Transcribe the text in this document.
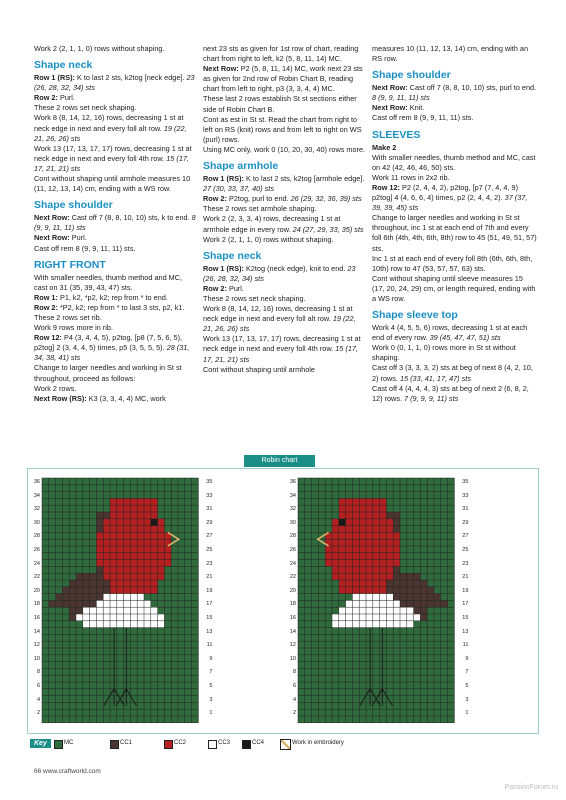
Work 2 (2, 1, 1, 0) rows without shaping.

Shape neck

Row 1 (RS): K to last 2 sts, k2tog [neck edge]. 23 (26, 28, 32, 34) sts

Row 2: Purl.

These 2 rows set neck shaping.

Work 8 (8, 14, 12, 16) rows, decreasing 1 st at neck edge in next and every foll alt row. 19 (22, 21, 26, 26) sts

Work 13 (17, 13, 17, 17) rows, decreasing 1 st at neck edge in next and every foll 4th row. 15 (17, 17, 21, 21) sts

Cont without shaping until armhole measures 10 (11, 12, 13, 14) cm, ending with a WS row.

Shape shoulder

Next Row: Cast off 7 (8, 8, 10, 10) sts, k to end. 8 (9, 9, 11, 11) sts

Next Row: Purl.

Cast off rem 8 (9, 9, 11, 11) sts.

RIGHT FRONT

With smaller needles, thumb method and MC, cast on 31 (35, 39, 43, 47) sts.

Row 1: P1, k2, *p2, k2; rep from * to end.

Row 2: *P2, k2; rep from * to last 3 sts, p2, k1.

These 2 rows set rib.

Work 9 rows more in rib.

Row 12: P4 (3, 4, 4, 5), p2tog, [p8 (7, 5, 6, 5), p2tog] 2 (3, 4, 4, 5) times, p5 (3, 5, 5, 5). 28 (31, 34, 38, 41) sts

Change to larger needles and working in St st throughout, proceed as follows:

Work 2 rows.

Next Row (RS): K3 (3, 3, 4, 4) MC, work

next 23 sts as given for 1st row of chart, reading chart from right to left, k2 (5, 8, 11, 14) MC.

Next Row: P2 (5, 8, 11, 14) MC, work next 23 sts as given for 2nd row of Robin Chart B, reading chart from left to right, p3 (3, 3, 4, 4) MC.

These last 2 rows establish St st sections either side of Robin Chart B.

Cont as est in St st. Read the chart from right to left on RS (knit) rows and from left to right on WS (purl) rows.

Using MC only, work 0 (10, 20, 30, 40) rows more.

Shape armhole

Row 1 (RS): K to last 2 sts, k2tog [armhole edge]. 27 (30, 33, 37, 40) sts

Row 2: P2tog, purl to end. 26 (29, 32, 36, 39) sts

These 2 rows set armhole shaping.

Work 2 (2, 3, 3, 4) rows, decreasing 1 st at armhole edge in every row. 24 (27, 29, 33, 35) sts

Work 2 (2, 1, 1, 0) rows without shaping.

Shape neck

Row 1 (RS): K2tog (neck edge), knit to end. 23 (26, 28, 32, 34) sts

Row 2: Purl.

These 2 rows set neck shaping.

Work 8 (8, 14, 12, 16) rows, decreasing 1 st at neck edge in next and every foll alt row. 19 (22, 21, 26, 26) sts

Work 13 (17, 13, 17, 17) rows, decreasing 1 st at neck edge in next and every foll 4th row. 15 (17, 17, 21, 21) sts

Cont without shaping until armhole

measures 10 (11, 12, 13, 14) cm, ending with an RS row.

Shape shoulder

Next Row: Cast off 7 (8, 8, 10, 10) sts, purl to end. 8 (9, 9, 11, 11) sts

Next Row: Knit.

Cast off rem 8 (9, 9, 11, 11) sts.

SLEEVES

Make 2

With smaller needles, thumb method and MC, cast on 42 (42, 46, 46, 50) sts.

Work 11 rows in 2x2 rib.

Row 12: P2 (2, 4, 4, 2), p2tog, [p7 (7, 4, 4, 9) p2tog] 4 (4, 6, 6, 4) times, p2 (2, 4, 4, 2). 37 (37, 39, 39, 45) sts

Change to larger needles and working in St st throughout, inc 1 st at each end of 7th and every foll 6th (4th, 4th, 6th, 8th) row to 45 (51, 49, 51, 57) sts.

Inc 1 st at each end of every foll 8th (6th, 6th, 8th, 10th) row to 47 (53, 57, 57, 63) sts.

Cont without shaping until sleeve measures 15 (17, 20, 24, 29) cm, or length required, ending with a WS row.

Shape sleeve top

Work 4 (4, 5, 5, 6) rows, decreasing 1 st at each end of every row. 39 (45, 47, 47, 51) sts

Work 0 (0, 1, 1, 0) rows more in St st without shaping.

Cast off 3 (3, 3, 3, 2) sts at beg of next 8 (4, 2, 10, 2) rows. 15 (33, 41, 17, 47) sts

Cast off 4 (4, 4, 4, 3) sts at beg of next 2 (6, 8, 2, 12) rows. 7 (9, 9, 9, 11) sts

Robin chart
36
34
32
30
28
26
24
22
20
18
16
14
12
10
8
6
4
2
35
33
31
29
27
25
23
21
19
17
15
13
11
9
7
5
3
1
36
34
32
30
28
26
24
22
20
18
16
14
12
10
8
6
4
2
35
33
31
29
27
25
23
21
19
17
15
13
11
9
7
5
3
1
Key	MC	CC1	CC2	CC3	CC4	Work in embroidery
66 www.craftworld.com
PassionForum.ru
